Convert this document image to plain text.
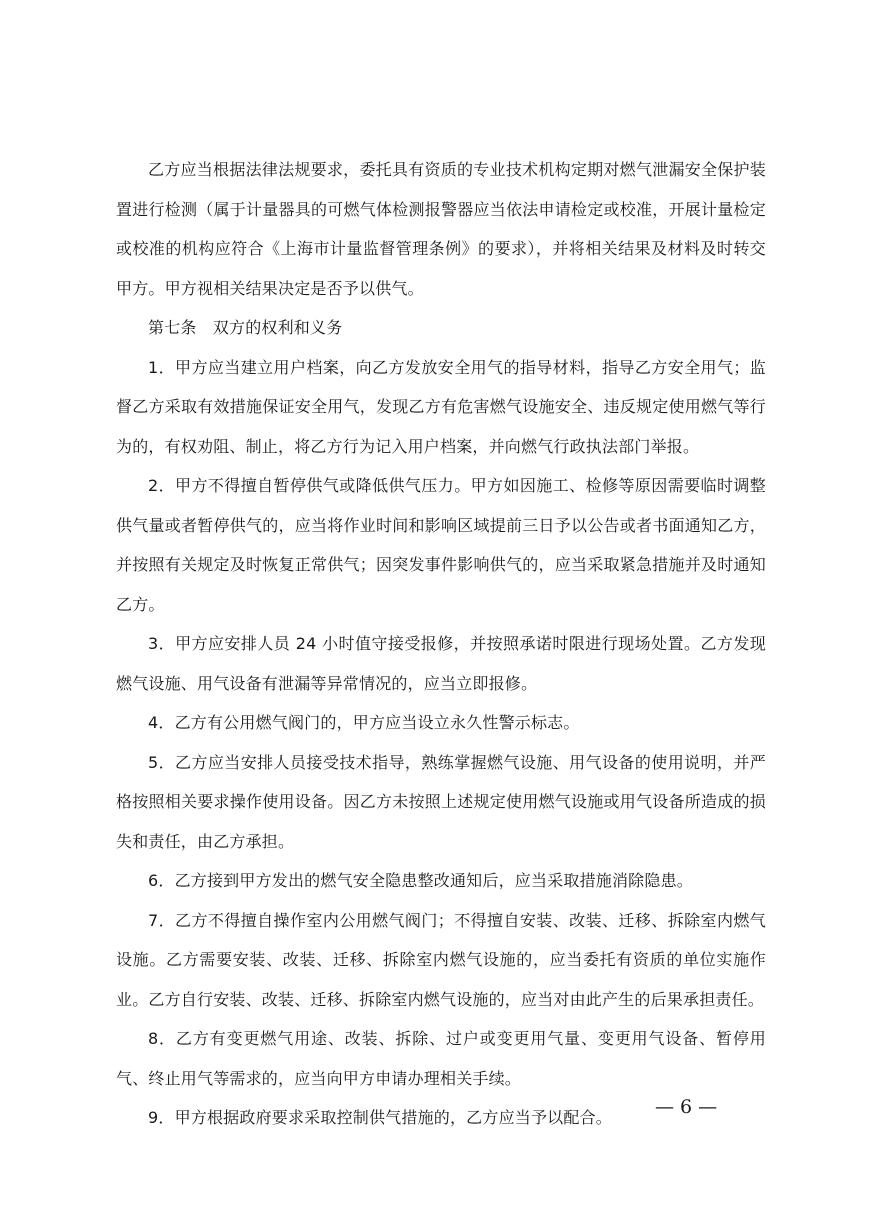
乙方应当根据法律法规要求，委托具有资质的专业技术机构定期对燃气泄漏安全保护装置进行检测（属于计量器具的可燃气体检测报警器应当依法申请检定或校准，开展计量检定或校准的机构应符合《上海市计量监督管理条例》的要求），并将相关结果及材料及时转交甲方。甲方视相关结果决定是否予以供气。

第七条　双方的权利和义务

1．甲方应当建立用户档案，向乙方发放安全用气的指导材料，指导乙方安全用气；监督乙方采取有效措施保证安全用气，发现乙方有危害燃气设施安全、违反规定使用燃气等行为的，有权劝阻、制止，将乙方行为记入用户档案，并向燃气行政执法部门举报。

2．甲方不得擅自暂停供气或降低供气压力。甲方如因施工、检修等原因需要临时调整供气量或者暂停供气的，应当将作业时间和影响区域提前三日予以公告或者书面通知乙方，并按照有关规定及时恢复正常供气；因突发事件影响供气的，应当采取紧急措施并及时通知乙方。

3．甲方应安排人员 24 小时值守接受报修，并按照承诺时限进行现场处置。乙方发现燃气设施、用气设备有泄漏等异常情况的，应当立即报修。

4．乙方有公用燃气阀门的，甲方应当设立永久性警示标志。

5．乙方应当安排人员接受技术指导，熟练掌握燃气设施、用气设备的使用说明，并严格按照相关要求操作使用设备。因乙方未按照上述规定使用燃气设施或用气设备所造成的损失和责任，由乙方承担。

6．乙方接到甲方发出的燃气安全隐患整改通知后，应当采取措施消除隐患。

7．乙方不得擅自操作室内公用燃气阀门；不得擅自安装、改装、迁移、拆除室内燃气设施。乙方需要安装、改装、迁移、拆除室内燃气设施的，应当委托有资质的单位实施作业。乙方自行安装、改装、迁移、拆除室内燃气设施的，应当对由此产生的后果承担责任。

8．乙方有变更燃气用途、改装、拆除、过户或变更用气量、变更用气设备、暂停用气、终止用气等需求的，应当向甲方申请办理相关手续。

9．甲方根据政府要求采取控制供气措施的，乙方应当予以配合。	— 6 —
